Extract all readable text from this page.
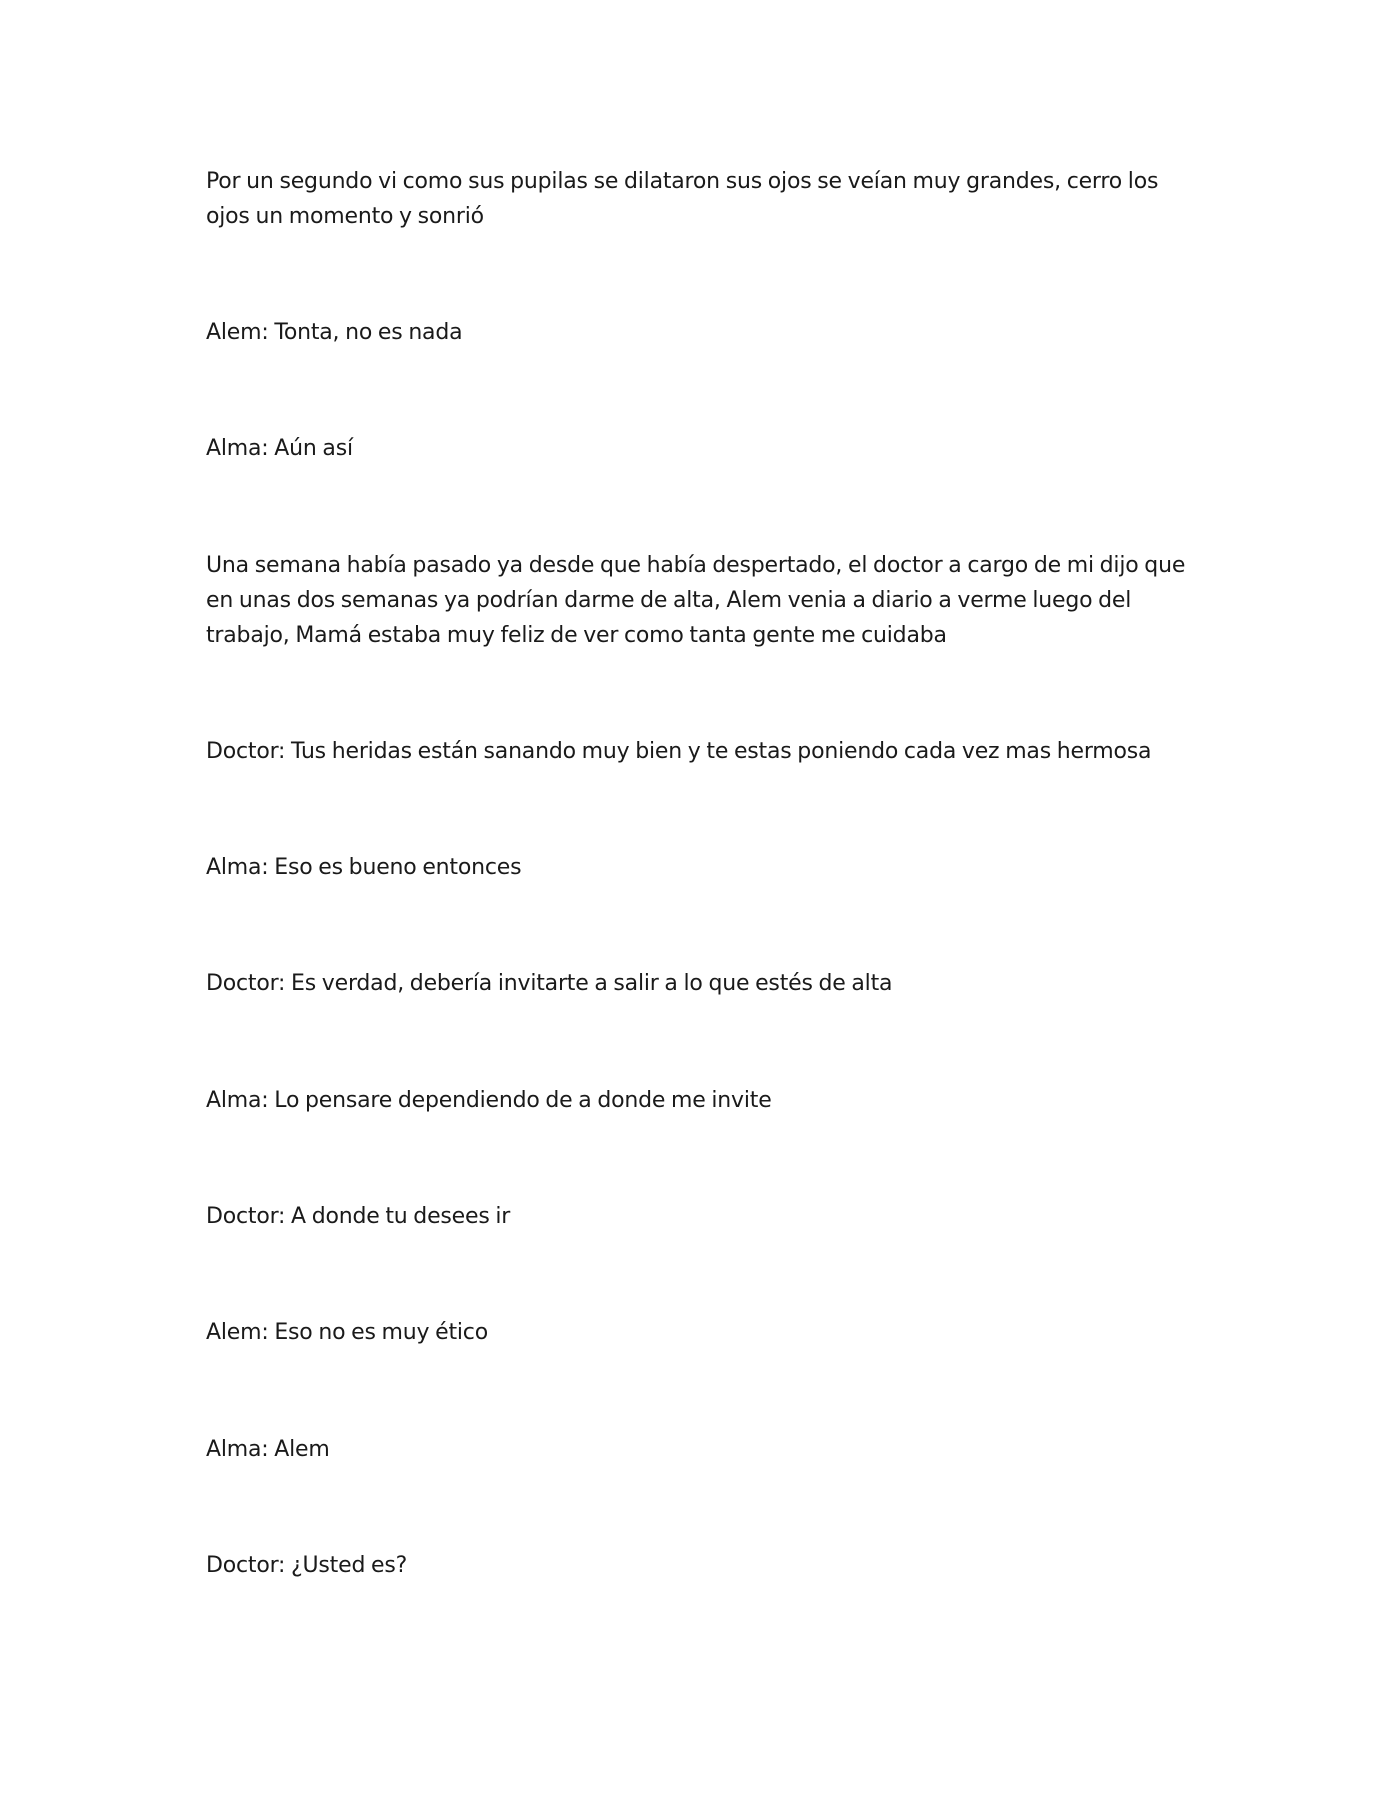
Por un segundo vi como sus pupilas se dilataron sus ojos se veían muy grandes, cerro los ojos un momento y sonrió

Alem: Tonta, no es nada

Alma: Aún así

Una semana había pasado ya desde que había despertado, el doctor a cargo de mi dijo que en unas dos semanas ya podrían darme de alta, Alem venia a diario a verme luego del trabajo, Mamá estaba muy feliz de ver como tanta gente me cuidaba

Doctor: Tus heridas están sanando muy bien y te estas poniendo cada vez mas hermosa

Alma: Eso es bueno entonces

Doctor: Es verdad, debería invitarte a salir a lo que estés de alta

Alma: Lo pensare dependiendo de a donde me invite

Doctor: A donde tu desees ir

Alem: Eso no es muy ético

Alma: Alem

Doctor: ¿Usted es?
